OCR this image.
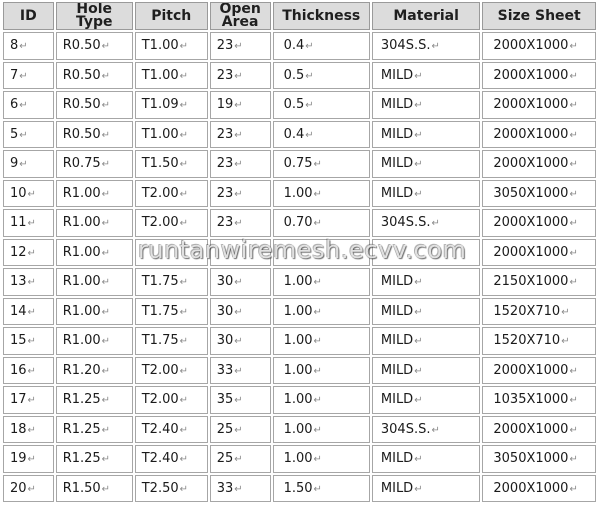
ID	Hole Type	Pitch	Open Area	Thickness	Material	Size Sheet
8↵	R0.50↵	T1.00↵	23↵	0.4↵	304S.S.↵	2000X1000↵
7↵	R0.50↵	T1.00↵	23↵	0.5↵	MILD↵	2000X1000↵
6↵	R0.50↵	T1.09↵	19↵	0.5↵	MILD↵	2000X1000↵
5↵	R0.50↵	T1.00↵	23↵	0.4↵	MILD↵	2000X1000↵
9↵	R0.75↵	T1.50↵	23↵	0.75↵	MILD↵	2000X1000↵
10↵	R1.00↵	T2.00↵	23↵	1.00↵	MILD↵	3050X1000↵
11↵	R1.00↵	T2.00↵	23↵	0.70↵	304S.S.↵	2000X1000↵
12↵	R1.00↵					2000X1000↵
13↵	R1.00↵	T1.75↵	30↵	1.00↵	MILD↵	2150X1000↵
14↵	R1.00↵	T1.75↵	30↵	1.00↵	MILD↵	1520X710↵
15↵	R1.00↵	T1.75↵	30↵	1.00↵	MILD↵	1520X710↵
16↵	R1.20↵	T2.00↵	33↵	1.00↵	MILD↵	2000X1000↵
17↵	R1.25↵	T2.00↵	35↵	1.00↵	MILD↵	1035X1000↵
18↵	R1.25↵	T2.40↵	25↵	1.00↵	304S.S.↵	2000X1000↵
19↵	R1.25↵	T2.40↵	25↵	1.00↵	MILD↵	3050X1000↵
20↵	R1.50↵	T2.50↵	33↵	1.50↵	MILD↵	2000X1000↵
runtanwiremesh.ecvv.com
